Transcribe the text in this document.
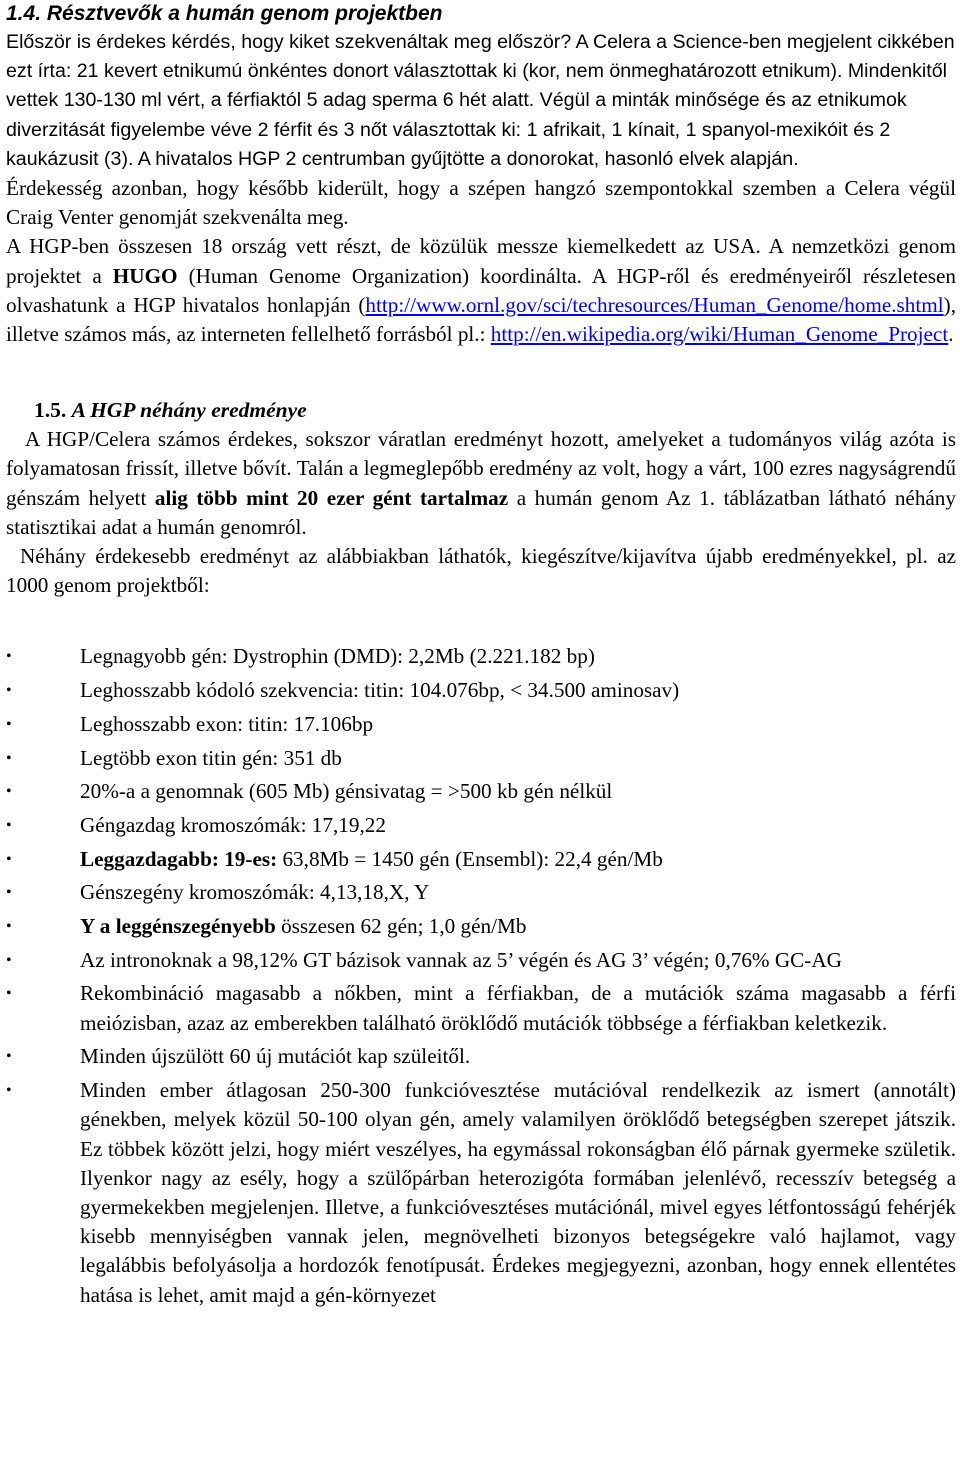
1.4. Résztvevők a humán genom projektben

Először is érdekes kérdés, hogy kiket szekvenáltak meg először? A Celera a Science-ben megjelent cikkében ezt írta: 21 kevert etnikumú önkéntes donort választottak ki (kor, nem önmeghatározott etnikum). Mindenkitől vettek 130-130 ml vért, a férfiaktól 5 adag sperma 6 hét alatt. Végül a minták minősége és az etnikumok diverzitását figyelembe véve 2 férfit és 3 nőt választottak ki: 1 afrikait, 1 kínait, 1 spanyol-mexikóit és 2 kaukázusit (3). A hivatalos HGP 2 centrumban gyűjtötte a donorokat, hasonló elvek alapján.

Érdekesség azonban, hogy később kiderült, hogy a szépen hangzó szempontokkal szemben a Celera végül Craig Venter genomját szekvenálta meg.

A HGP-ben összesen 18 ország vett részt, de közülük messze kiemelkedett az USA. A nemzetközi genom projektet a HUGO (Human Genome Organization) koordinálta. A HGP-ről és eredményeiről részletesen olvashatunk a HGP hivatalos honlapján (http://www.ornl.gov/sci/techresources/Human_Genome/home.shtml), illetve számos más, az interneten fellelhető forrásból pl.: http://en.wikipedia.org/wiki/Human_Genome_Project.

1.5. A HGP néhány eredménye

A HGP/Celera számos érdekes, sokszor váratlan eredményt hozott, amelyeket a tudományos világ azóta is folyamatosan frissít, illetve bővít. Talán a legmeglepőbb eredmény az volt, hogy a várt, 100 ezres nagyságrendű génszám helyett alig több mint 20 ezer gént tartalmaz a humán genom Az 1. táblázatban látható néhány statisztikai adat a humán genomról.

Néhány érdekesebb eredményt az alábbiakban láthatók, kiegészítve/kijavítva újabb eredményekkel, pl. az 1000 genom projektből:

•	Legnagyobb gén: Dystrophin (DMD): 2,2Mb (2.221.182 bp)
•	Leghosszabb kódoló szekvencia: titin: 104.076bp, < 34.500 aminosav)
•	Leghosszabb exon: titin: 17.106bp
•	Legtöbb exon titin gén: 351 db
•	20%-a a genomnak (605 Mb) génsivatag = >500 kb gén nélkül
•	Géngazdag kromoszómák: 17,19,22
•	Leggazdagabb: 19-es: 63,8Mb = 1450 gén (Ensembl): 22,4 gén/Mb
•	Génszegény kromoszómák: 4,13,18,X, Y
•	Y a leggénszegényebb összesen 62 gén; 1,0 gén/Mb
•	Az intronoknak a 98,12% GT bázisok vannak az 5’ végén és AG 3’ végén; 0,76% GC-AG
•	Rekombináció magasabb a nőkben, mint a férfiakban, de a mutációk száma magasabb a férfi meiózisban, azaz az emberekben található öröklődő mutációk többsége a férfiakban keletkezik.
•	Minden újszülött 60 új mutációt kap szüleitől.
•	Minden ember átlagosan 250-300 funkcióvesztése mutációval rendelkezik az ismert (annotált) génekben, melyek közül 50-100 olyan gén, amely valamilyen öröklődő betegségben szerepet játszik. Ez többek között jelzi, hogy miért veszélyes, ha egymással rokonságban élő párnak gyermeke születik. Ilyenkor nagy az esély, hogy a szülőpárban heterozigóta formában jelenlévő, recesszív betegség a gyermekekben megjelenjen. Illetve, a funkcióvesztéses mutációnál, mivel egyes létfontosságú fehérjék kisebb mennyiségben vannak jelen, megnövelheti bizonyos betegségekre való hajlamot, vagy legalábbis befolyásolja a hordozók fenotípusát. Érdekes megjegyezni, azonban, hogy ennek ellentétes hatása is lehet, amit majd a gén-környezet
